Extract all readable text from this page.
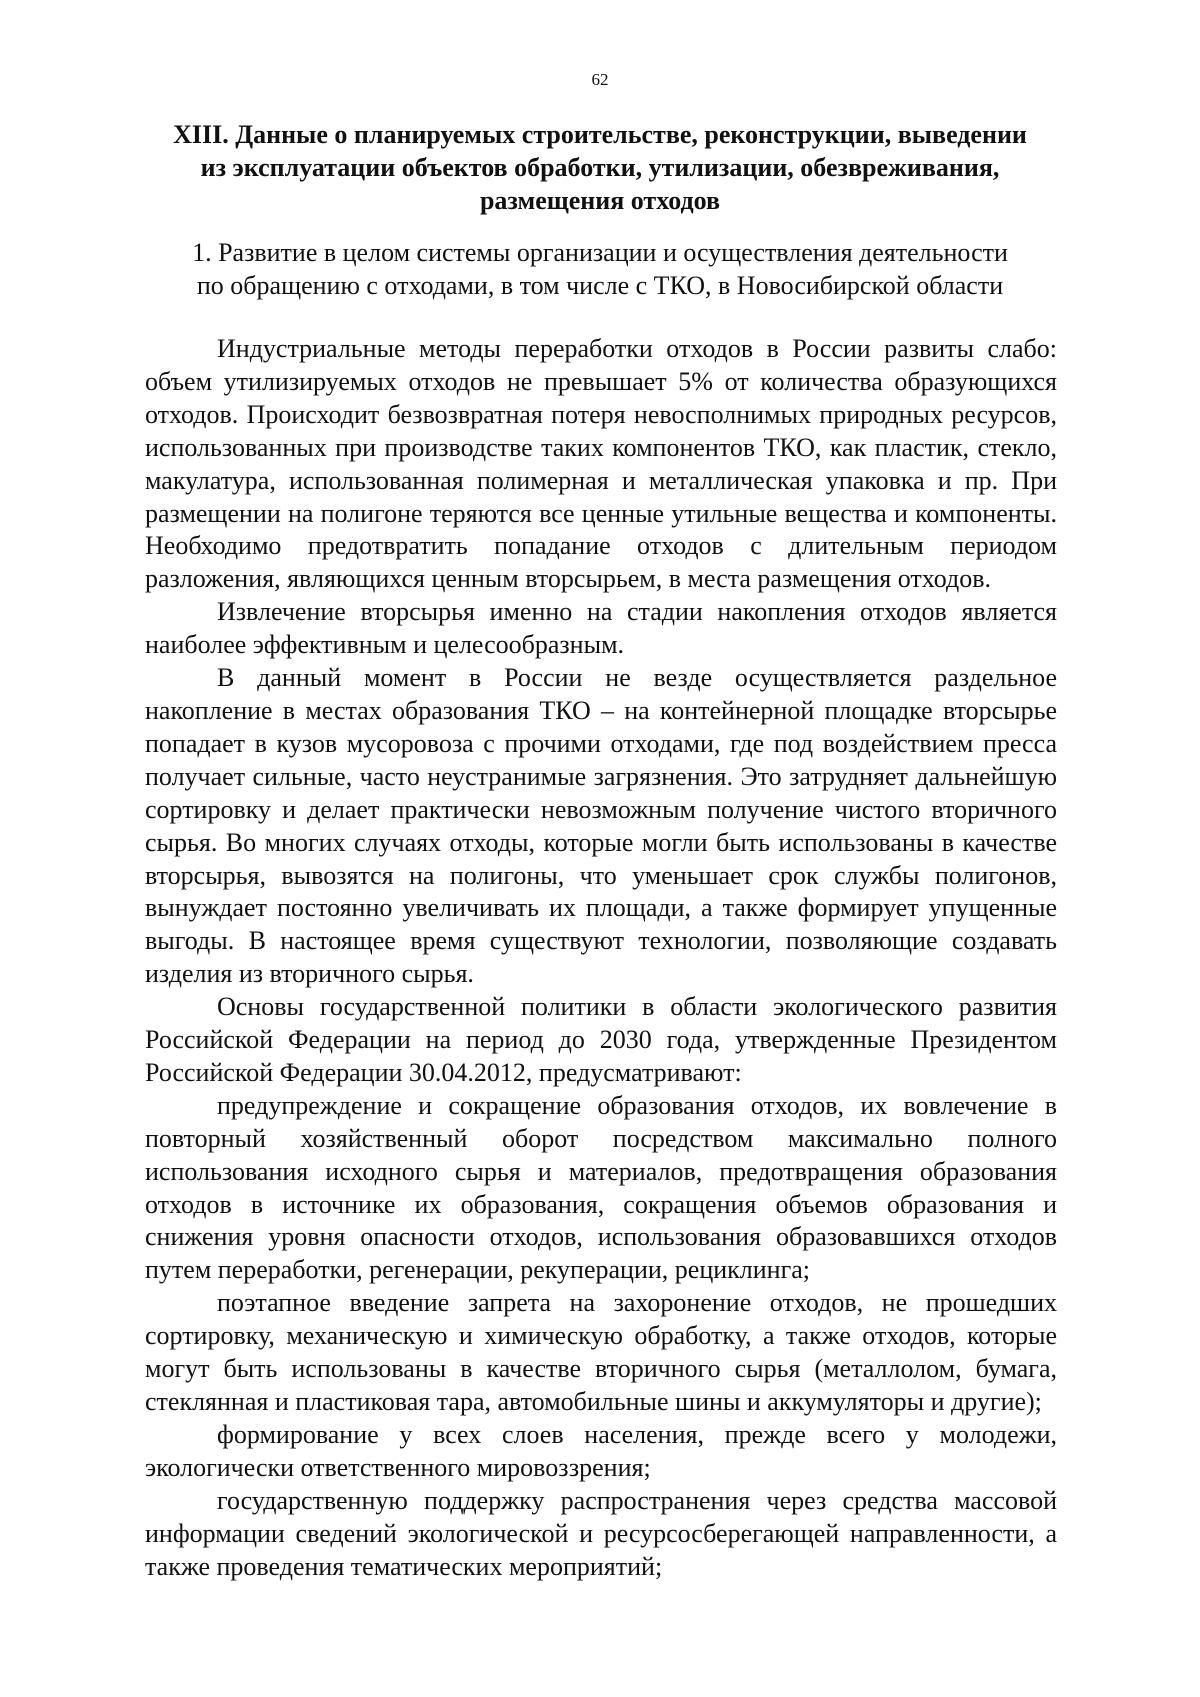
62
XIII. Данные о планируемых строительстве, реконструкции, выведении
из эксплуатации объектов обработки, утилизации, обезвреживания,
размещения отходов
1. Развитие в целом системы организации и осуществления деятельности
по обращению с отходами, в том числе с ТКО, в Новосибирской области

Индустриальные методы переработки отходов в России развиты слабо: объем утилизируемых отходов не превышает 5% от количества образующихся отходов. Происходит безвозвратная потеря невосполнимых природных ресурсов, использованных при производстве таких компонентов ТКО, как пластик, стекло, макулатура, использованная полимерная и металлическая упаковка и пр. При размещении на полигоне теряются все ценные утильные вещества и компоненты. Необходимо предотвратить попадание отходов с длительным периодом разложения, являющихся ценным вторсырьем, в места размещения отходов.

Извлечение вторсырья именно на стадии накопления отходов является наиболее эффективным и целесообразным.

В данный момент в России не везде осуществляется раздельное накопление в местах образования ТКО – на контейнерной площадке вторсырье попадает в кузов мусоровоза с прочими отходами, где под воздействием пресса получает сильные, часто неустранимые загрязнения. Это затрудняет дальнейшую сортировку и делает практически невозможным получение чистого вторичного сырья. Во многих случаях отходы, которые могли быть использованы в качестве вторсырья, вывозятся на полигоны, что уменьшает срок службы полигонов, вынуждает постоянно увеличивать их площади, а также формирует упущенные выгоды. В настоящее время существуют технологии, позволяющие создавать изделия из вторичного сырья.

Основы государственной политики в области экологического развития Российской Федерации на период до 2030 года, утвержденные Президентом Российской Федерации 30.04.2012, предусматривают:

предупреждение и сокращение образования отходов, их вовлечение в повторный хозяйственный оборот посредством максимально полного использования исходного сырья и материалов, предотвращения образования отходов в источнике их образования, сокращения объемов образования и снижения уровня опасности отходов, использования образовавшихся отходов путем переработки, регенерации, рекуперации, рециклинга;

поэтапное введение запрета на захоронение отходов, не прошедших сортировку, механическую и химическую обработку, а также отходов, которые могут быть использованы в качестве вторичного сырья (металлолом, бумага, стеклянная и пластиковая тара, автомобильные шины и аккумуляторы и другие);

формирование у всех слоев населения, прежде всего у молодежи, экологически ответственного мировоззрения;

государственную поддержку распространения через средства массовой информации сведений экологической и ресурсосберегающей направленности, а также проведения тематических мероприятий;
